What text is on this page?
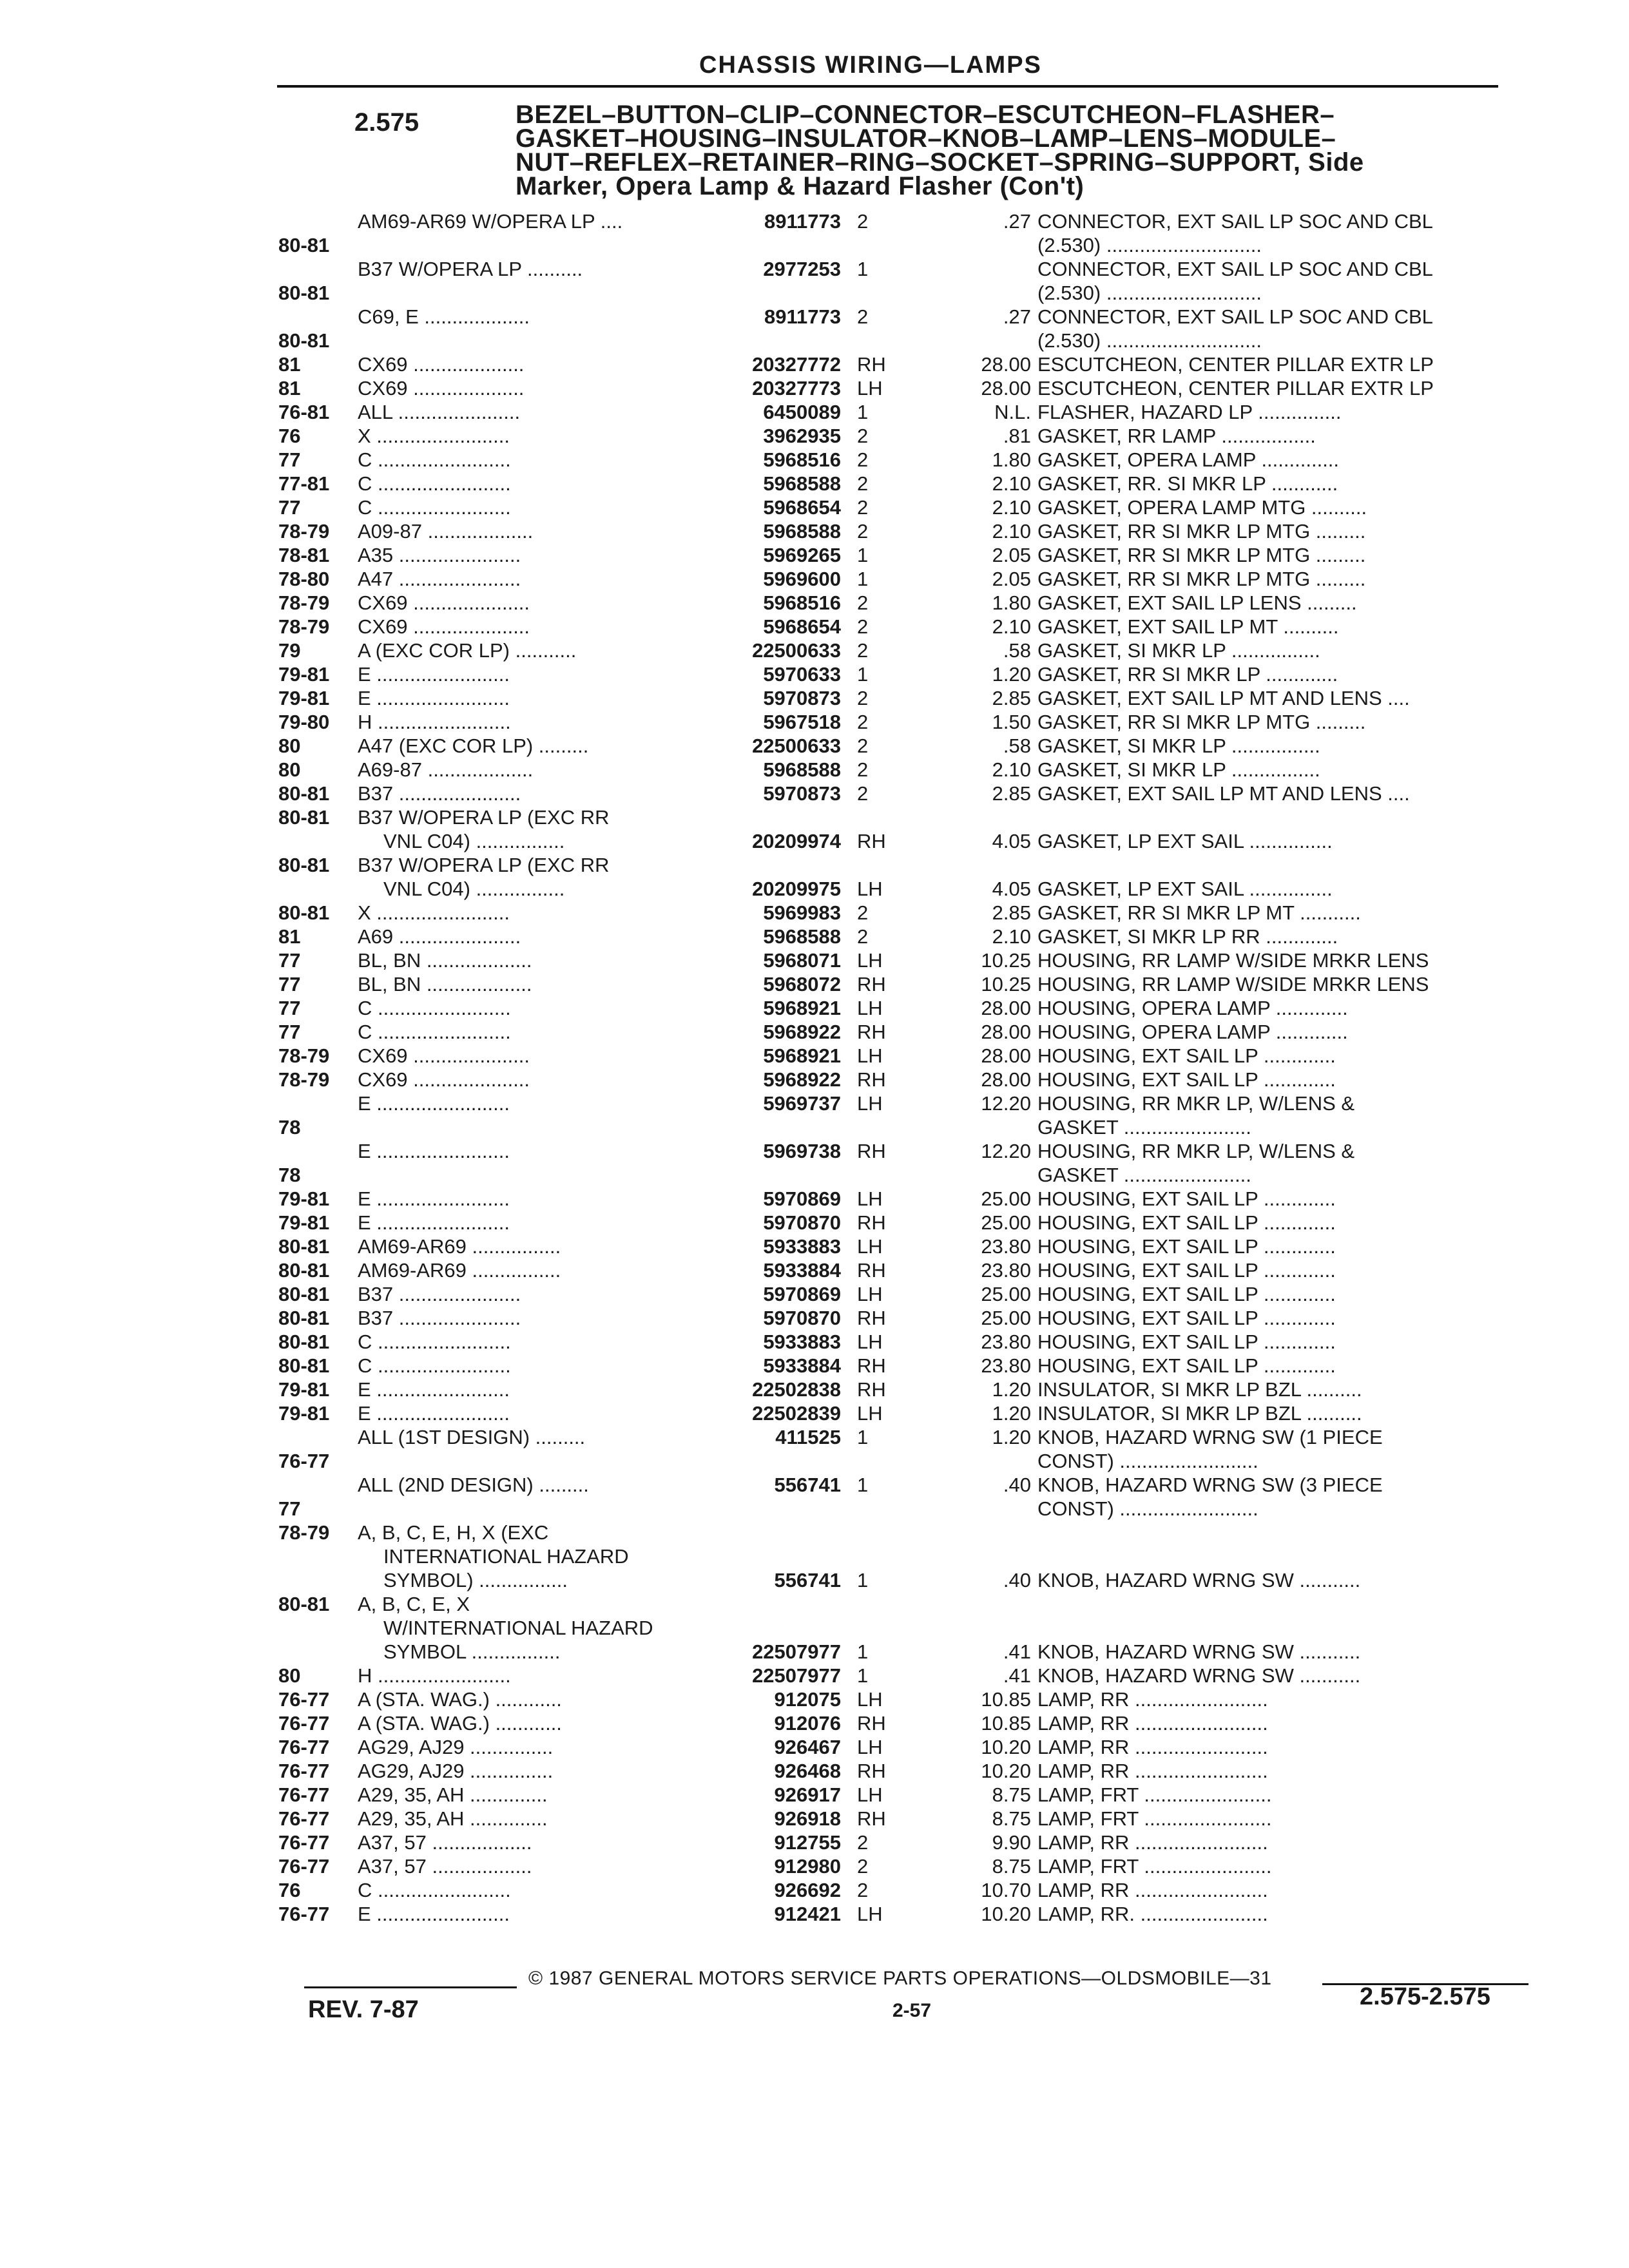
CHASSIS WIRING—LAMPS
2.575	BEZEL–BUTTON–CLIP–CONNECTOR–ESCUTCHEON–FLASHER–
GASKET–HOUSING–INSULATOR–KNOB–LAMP–LENS–MODULE–
NUT–REFLEX–RETAINER–RING–SOCKET–SPRING–SUPPORT, Side
Marker, Opera Lamp & Hazard Flasher (Con't)
80-81
AM69-AR69 W/OPERA LP ....	8911773 2	.27 CONNECTOR, EXT SAIL LP SOC AND CBL
(2.530) ............................
80-81
B37 W/OPERA LP ..........	2977253 1	CONNECTOR, EXT SAIL LP SOC AND CBL
(2.530) ............................
80-81
C69, E ...................	8911773 2	.27 CONNECTOR, EXT SAIL LP SOC AND CBL
(2.530) ............................
81	CX69 ....................	20327772 RH	28.00 ESCUTCHEON, CENTER PILLAR EXTR LP
81	CX69 ....................	20327773 LH	28.00 ESCUTCHEON, CENTER PILLAR EXTR LP
76-81 ALL ......................	6450089 1	N.L. FLASHER, HAZARD LP ...............
76	X ........................	3962935 2	.81 GASKET, RR LAMP .................
77	C ........................	5968516 2	1.80 GASKET, OPERA LAMP ..............
77-81 C ........................	5968588 2	2.10 GASKET, RR. SI MKR LP ............
77	C ........................	5968654 2	2.10 GASKET, OPERA LAMP MTG ..........
78-79 A09-87 ...................	5968588 2	2.10 GASKET, RR SI MKR LP MTG .........
78-81 A35 ......................	5969265 1	2.05 GASKET, RR SI MKR LP MTG .........
78-80 A47 ......................	5969600 1	2.05 GASKET, RR SI MKR LP MTG .........
78-79 CX69 .....................	5968516 2	1.80 GASKET, EXT SAIL LP LENS .........
78-79 CX69 .....................	5968654 2	2.10 GASKET, EXT SAIL LP MT ..........
79	A (EXC COR LP) ...........	22500633 2	.58 GASKET, SI MKR LP ................
79-81 E ........................	5970633 1	1.20 GASKET, RR SI MKR LP .............
79-81 E ........................	5970873 2	2.85 GASKET, EXT SAIL LP MT AND LENS ....
79-80 H ........................	5967518 2	1.50 GASKET, RR SI MKR LP MTG .........
80	A47 (EXC COR LP) .........	22500633 2	.58 GASKET, SI MKR LP ................
80	A69-87 ...................	5968588 2	2.10 GASKET, SI MKR LP ................
80-81 B37 ......................	5970873 2	2.85 GASKET, EXT SAIL LP MT AND LENS ....
80-81 B37 W/OPERA LP (EXC RR
VNL C04) ................	20209974 RH	4.05 GASKET, LP EXT SAIL ...............
80-81 B37 W/OPERA LP (EXC RR
VNL C04) ................	20209975 LH	4.05 GASKET, LP EXT SAIL ...............
80-81 X ........................	5969983 2	2.85 GASKET, RR SI MKR LP MT ...........
81	A69 ......................	5968588 2	2.10 GASKET, SI MKR LP RR .............
77	BL, BN ...................	5968071 LH	10.25 HOUSING, RR LAMP W/SIDE MRKR LENS
77	BL, BN ...................	5968072 RH	10.25 HOUSING, RR LAMP W/SIDE MRKR LENS
77	C ........................	5968921 LH	28.00 HOUSING, OPERA LAMP .............
77	C ........................	5968922 RH	28.00 HOUSING, OPERA LAMP .............
78-79 CX69 .....................	5968921 LH	28.00 HOUSING, EXT SAIL LP .............
78-79 CX69 .....................	5968922 RH	28.00 HOUSING, EXT SAIL LP .............
78
E ........................	5969737 LH	12.20 HOUSING, RR MKR LP, W/LENS &
GASKET .......................
78
E ........................	5969738 RH	12.20 HOUSING, RR MKR LP, W/LENS &
GASKET .......................
79-81 E ........................	5970869 LH	25.00 HOUSING, EXT SAIL LP .............
79-81 E ........................	5970870 RH	25.00 HOUSING, EXT SAIL LP .............
80-81 AM69-AR69 ................	5933883 LH	23.80 HOUSING, EXT SAIL LP .............
80-81 AM69-AR69 ................	5933884 RH	23.80 HOUSING, EXT SAIL LP .............
80-81 B37 ......................	5970869 LH	25.00 HOUSING, EXT SAIL LP .............
80-81 B37 ......................	5970870 RH	25.00 HOUSING, EXT SAIL LP .............
80-81 C ........................	5933883 LH	23.80 HOUSING, EXT SAIL LP .............
80-81 C ........................	5933884 RH	23.80 HOUSING, EXT SAIL LP .............
79-81 E ........................	22502838 RH	1.20 INSULATOR, SI MKR LP BZL ..........
79-81 E ........................	22502839 LH	1.20 INSULATOR, SI MKR LP BZL ..........
76-77
ALL (1ST DESIGN) .........	411525 1	1.20 KNOB, HAZARD WRNG SW (1 PIECE
CONST) .........................
77
ALL (2ND DESIGN) .........	556741 1	.40 KNOB, HAZARD WRNG SW (3 PIECE
CONST) .........................
78-79 A, B, C, E, H, X (EXC
INTERNATIONAL HAZARD
SYMBOL) ................	556741 1	.40 KNOB, HAZARD WRNG SW ...........
80-81 A, B, C, E, X
W/INTERNATIONAL HAZARD
SYMBOL ................	22507977 1	.41 KNOB, HAZARD WRNG SW ...........
80	H ........................	22507977 1	.41 KNOB, HAZARD WRNG SW ...........
76-77 A (STA. WAG.) ............	912075 LH	10.85 LAMP, RR ........................
76-77 A (STA. WAG.) ............	912076 RH	10.85 LAMP, RR ........................
76-77 AG29, AJ29 ...............	926467 LH	10.20 LAMP, RR ........................
76-77 AG29, AJ29 ...............	926468 RH	10.20 LAMP, RR ........................
76-77 A29, 35, AH ..............	926917 LH	8.75 LAMP, FRT .......................
76-77 A29, 35, AH ..............	926918 RH	8.75 LAMP, FRT .......................
76-77 A37, 57 ..................	912755 2	9.90 LAMP, RR ........................
76-77 A37, 57 ..................	912980 2	8.75 LAMP, FRT .......................
76	C ........................	926692 2	10.70 LAMP, RR ........................
76-77 E ........................	912421 LH	10.20 LAMP, RR. .......................
© 1987 GENERAL MOTORS SERVICE PARTS OPERATIONS—OLDSMOBILE—31
REV. 7-87	2-57
2.575-2.575
